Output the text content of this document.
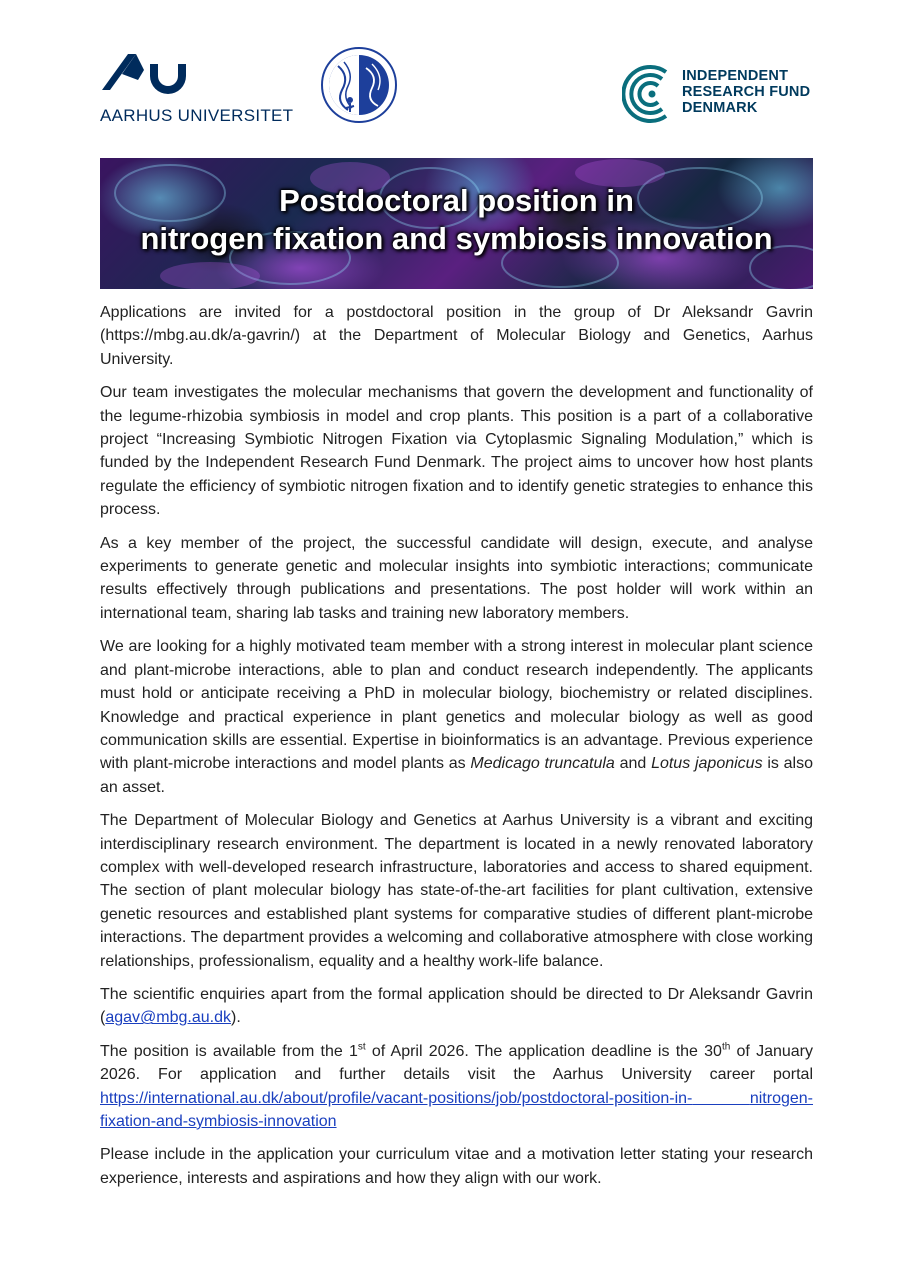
AARHUS UNIVERSITET
INDEPENDENT
RESEARCH FUND
DENMARK
Postdoctoral position in
nitrogen fixation and symbiosis innovation

Applications are invited for a postdoctoral position in the group of Dr Aleksandr Gavrin (https://mbg.au.dk/a-gavrin/) at the Department of Molecular Biology and Genetics, Aarhus University.

Our team investigates the molecular mechanisms that govern the development and functionality of the legume-rhizobia symbiosis in model and crop plants. This position is a part of a collaborative project “Increasing Symbiotic Nitrogen Fixation via Cytoplasmic Signaling Modulation,” which is funded by the Independent Research Fund Denmark. The project aims to uncover how host plants regulate the efficiency of symbiotic nitrogen fixation and to identify genetic strategies to enhance this process.

As a key member of the project, the successful candidate will design, execute, and analyse experiments to generate genetic and molecular insights into symbiotic interactions; communicate results effectively through publications and presentations. The post holder will work within an international team, sharing lab tasks and training new laboratory members.

We are looking for a highly motivated team member with a strong interest in molecular plant science and plant-microbe interactions, able to plan and conduct research independently. The applicants must hold or anticipate receiving a PhD in molecular biology, biochemistry or related disciplines. Knowledge and practical experience in plant genetics and molecular biology as well as good communication skills are essential. Expertise in bioinformatics is an advantage. Previous experience with plant-microbe interactions and model plants as Medicago truncatula and Lotus japonicus is also an asset.

The Department of Molecular Biology and Genetics at Aarhus University is a vibrant and exciting interdisciplinary research environment. The department is located in a newly renovated laboratory complex with well-developed research infrastructure, laboratories and access to shared equipment. The section of plant molecular biology has state-of-the-art facilities for plant cultivation, extensive genetic resources and established plant systems for comparative studies of different plant-microbe interactions. The department provides a welcoming and collaborative atmosphere with close working relationships, professionalism, equality and a healthy work-life balance.

The scientific enquiries apart from the formal application should be directed to Dr Aleksandr Gavrin (agav@mbg.au.dk).

The position is available from the 1st of April 2026. The application deadline is the 30th of January 2026. For application and further details visit the Aarhus University career portal https://international.au.dk/about/profile/vacant-positions/job/postdoctoral-position-in-	nitrogen-fixation-and-symbiosis-innovation

Please include in the application your curriculum vitae and a motivation letter stating your research experience, interests and aspirations and how they align with our work.
